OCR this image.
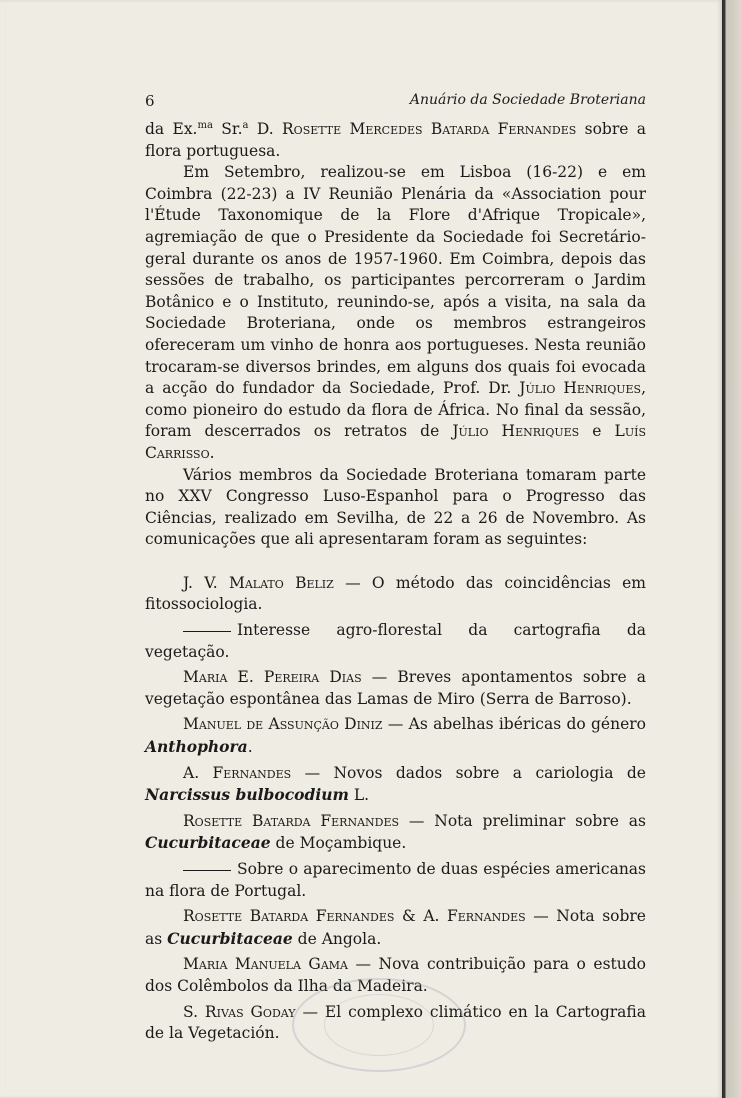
6	Anuário da Sociedade Broteriana

da Ex.$^{ma}$ Sr.$^a$ D. Rosette Mercedes Batarda Fernandes sobre a flora portuguesa.

Em Setembro, realizou-se em Lisboa (16-22) e em Coimbra (22-23) a IV Reunião Plenária da «Association pour l'Étude Taxonomique de la Flore d'Afrique Tropicale», agremiação de que o Presidente da Sociedade foi Secretário-geral durante os anos de 1957-1960. Em Coimbra, depois das sessões de trabalho, os participantes percorreram o Jardim Botânico e o Instituto, reunindo-se, após a visita, na sala da Sociedade Broteriana, onde os membros estrangeiros ofereceram um vinho de honra aos portugueses. Nesta reunião trocaram-se diversos brindes, em alguns dos quais foi evocada a acção do fundador da Sociedade, Prof. Dr. Júlio Henriques, como pioneiro do estudo da flora de África. No final da sessão, foram descerrados os retratos de Júlio Henriques e Luís Carrisso.

Vários membros da Sociedade Broteriana tomaram parte no XXV Congresso Luso-Espanhol para o Progresso das Ciências, realizado em Sevilha, de 22 a 26 de Novembro. As comunicações que ali apresentaram foram as seguintes:

J. V. Malato Beliz — O método das coincidências em fitossociologia.

Interesse agro-florestal da cartografia da vegetação.

Maria E. Pereira Dias — Breves apontamentos sobre a vegetação espontânea das Lamas de Miro (Serra de Barroso).

Manuel de Assunção Diniz — As abelhas ibéricas do género Anthophora.

A. Fernandes — Novos dados sobre a cariologia de Narcissus bulbocodium L.

Rosette Batarda Fernandes — Nota preliminar sobre as Cucurbitaceae de Moçambique.

Sobre o aparecimento de duas espécies americanas na flora de Portugal.

Rosette Batarda Fernandes & A. Fernandes — Nota sobre as Cucurbitaceae de Angola.

Maria Manuela Gama — Nova contribuição para o estudo dos Colêmbolos da Ilha da Madeira.

S. Rivas Goday — El complexo climático en la Cartografia de la Vegetación.
